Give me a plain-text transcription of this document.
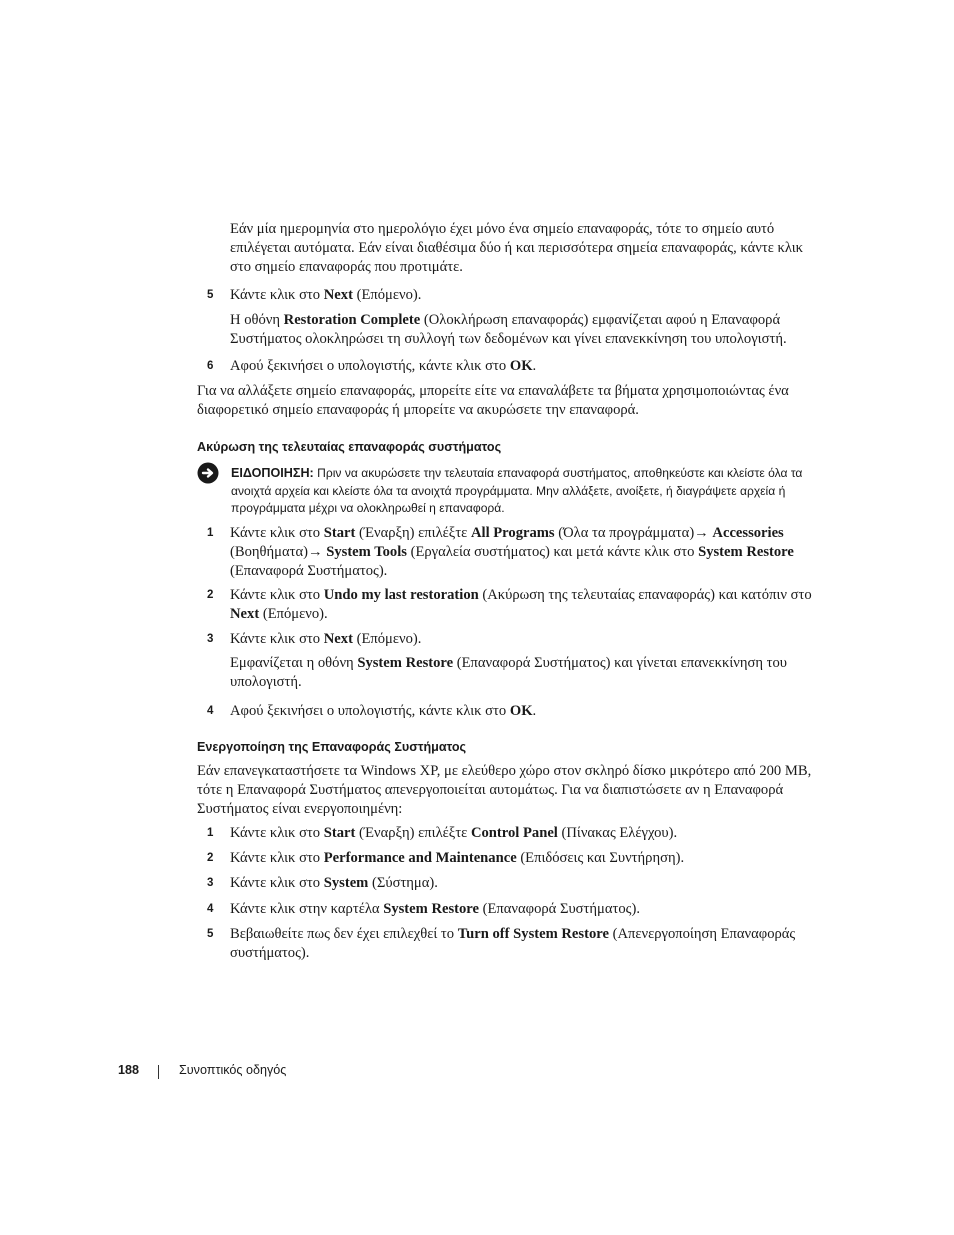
Εάν μία ημερομηνία στο ημερολόγιο έχει μόνο ένα σημείο επαναφοράς, τότε το σημείο αυτό επιλέγεται αυτόματα. Εάν είναι διαθέσιμα δύο ή και περισσότερα σημεία επαναφοράς, κάντε κλικ στο σημείο επαναφοράς που προτιμάτε.
5 Κάντε κλικ στο Next (Επόμενο).
Η οθόνη Restoration Complete (Ολοκλήρωση επαναφοράς) εμφανίζεται αφού η Επαναφορά Συστήματος ολοκληρώσει τη συλλογή των δεδομένων και γίνει επανεκκίνηση του υπολογιστή.
6 Αφού ξεκινήσει ο υπολογιστής, κάντε κλικ στο OK.
Για να αλλάξετε σημείο επαναφοράς, μπορείτε είτε να επαναλάβετε τα βήματα χρησιμοποιώντας ένα διαφορετικό σημείο επαναφοράς ή μπορείτε να ακυρώσετε την επαναφορά.
Ακύρωση της τελευταίας επαναφοράς συστήματος
ΕΙΔΟΠΟΙΗΣΗ: Πριν να ακυρώσετε την τελευταία επαναφορά συστήματος, αποθηκεύστε και κλείστε όλα τα ανοιχτά αρχεία και κλείστε όλα τα ανοιχτά προγράμματα. Μην αλλάξετε, ανοίξετε, ή διαγράψετε αρχεία ή προγράμματα μέχρι να ολοκληρωθεί η επαναφορά.
1 Κάντε κλικ στο Start (Έναρξη) επιλέξτε All Programs (Όλα τα προγράμματα)→ Accessories (Βοηθήματα)→ System Tools (Εργαλεία συστήματος) και μετά κάντε κλικ στο System Restore (Επαναφορά Συστήματος).
2 Κάντε κλικ στο Undo my last restoration (Ακύρωση της τελευταίας επαναφοράς) και κατόπιν στο Next (Επόμενο).
3 Κάντε κλικ στο Next (Επόμενο).
Εμφανίζεται η οθόνη System Restore (Επαναφορά Συστήματος) και γίνεται επανεκκίνηση του υπολογιστή.
4 Αφού ξεκινήσει ο υπολογιστής, κάντε κλικ στο OK.
Ενεργοποίηση της Επαναφοράς Συστήματος
Εάν επανεγκαταστήσετε τα Windows XP, με ελεύθερο χώρο στον σκληρό δίσκο μικρότερο από 200 MB, τότε η Επαναφορά Συστήματος απενεργοποιείται αυτομάτως. Για να διαπιστώσετε αν η Επαναφορά Συστήματος είναι ενεργοποιημένη:
1 Κάντε κλικ στο Start (Έναρξη) επιλέξτε Control Panel (Πίνακας Ελέγχου).
2 Κάντε κλικ στο Performance and Maintenance (Επιδόσεις και Συντήρηση).
3 Κάντε κλικ στο System (Σύστημα).
4 Κάντε κλικ στην καρτέλα System Restore (Επαναφορά Συστήματος).
5 Βεβαιωθείτε πως δεν έχει επιλεχθεί το Turn off System Restore (Απενεργοποίηση Επαναφοράς συστήματος).
188	Συνοπτικός οδηγός
